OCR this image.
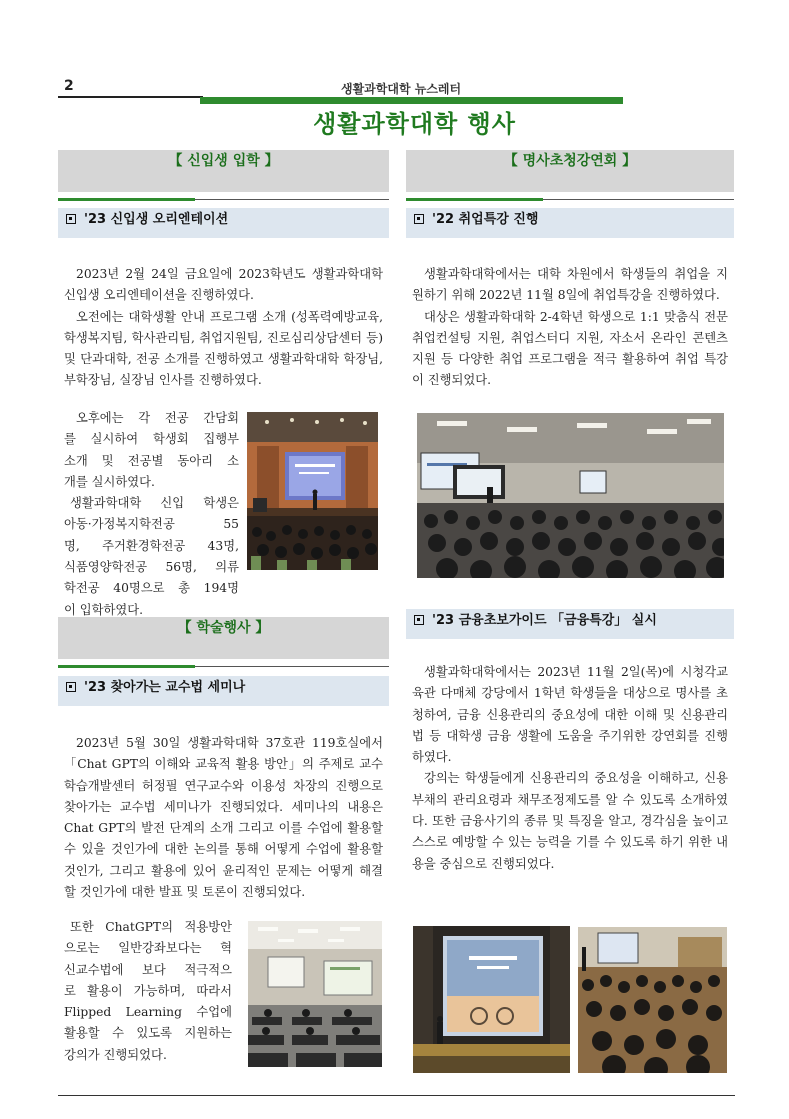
2	생활과학대학 뉴스레터
생활과학대학 행사
【 신입생 입학 】
'23 신입생 오리엔테이션

2023년 2월 24일 금요일에 2023학년도 생활과학대학 신입생 오리엔테이션을 진행하였다.

오전에는 대학생활 안내 프로그램 소개 (성폭력예방교육, 학생복지팀, 학사관리팀, 취업지원팀, 진로심리상담센터 등) 및 단과대학, 전공 소개를 진행하였고 생활과학대학 학장님, 부학장님, 실장님 인사를 진행하였다.

오후에는 각 전공 간담회
를 실시하여 학생회 집행부
소개 및 전공별 동아리 소
개를 실시하였다.
생활과학대학 신입 학생은
아동·가정복지학전공 55
명, 주거환경학전공 43명,
식품영양학전공 56명, 의류
학전공 40명으로 총 194명
이 입학하였다.
【 학술행사 】
'23 찾아가는 교수법 세미나

2023년 5월 30일 생활과학대학 37호관 119호실에서「Chat GPT의 이해와 교육적 활용 방안」의 주제로 교수학습개발센터 허정필 연구교수와 이용성 차장의 진행으로 찾아가는 교수법 세미나가 진행되었다. 세미나의 내용은 Chat GPT의 발전 단계의 소개 그리고 이를 수업에 활용할 수 있을 것인가에 대한 논의를 통해 어떻게 수업에 활용할 것인가, 그리고 활용에 있어 윤리적인 문제는 어떻게 해결 할 것인가에 대한 발표 및 토론이 진행되었다.

또한 ChatGPT의 적용방안
으로는 일반강좌보다는 혁
신교수법에 보다 적극적으
로 활용이 가능하며, 따라서
Flipped Learning 수업에
활용할 수 있도록 지원하는
강의가 진행되었다.
【 명사초청강연회 】
'22 취업특강 진행

생활과학대학에서는 대학 차원에서 학생들의 취업을 지원하기 위해 2022년 11월 8일에 취업특강을 진행하였다.

대상은 생활과학대학 2-4학년 학생으로 1:1 맞춤식 전문취업컨설팅 지원, 취업스터디 지원, 자소서 온라인 콘텐츠 지원 등 다양한 취업 프로그램을 적극 활용하여 취업 특강이 진행되었다.

'23 금융초보가이드 「금융특강」 실시

생활과학대학에서는 2023년 11월 2일(목)에 시청각교육관 다매체 강당에서 1학년 학생들을 대상으로 명사를 초청하여, 금융 신용관리의 중요성에 대한 이해 및 신용관리법 등 대학생 금융 생활에 도움을 주기위한 강연회를 진행하였다.

강의는 학생들에게 신용관리의 중요성을 이해하고, 신용 부채의 관리요령과 채무조정제도를 알 수 있도록 소개하였다. 또한 금융사기의 종류 및 특징을 알고, 경각심을 높이고 스스로 예방할 수 있는 능력을 기를 수 있도록 하기 위한 내용을 중심으로 진행되었다.
